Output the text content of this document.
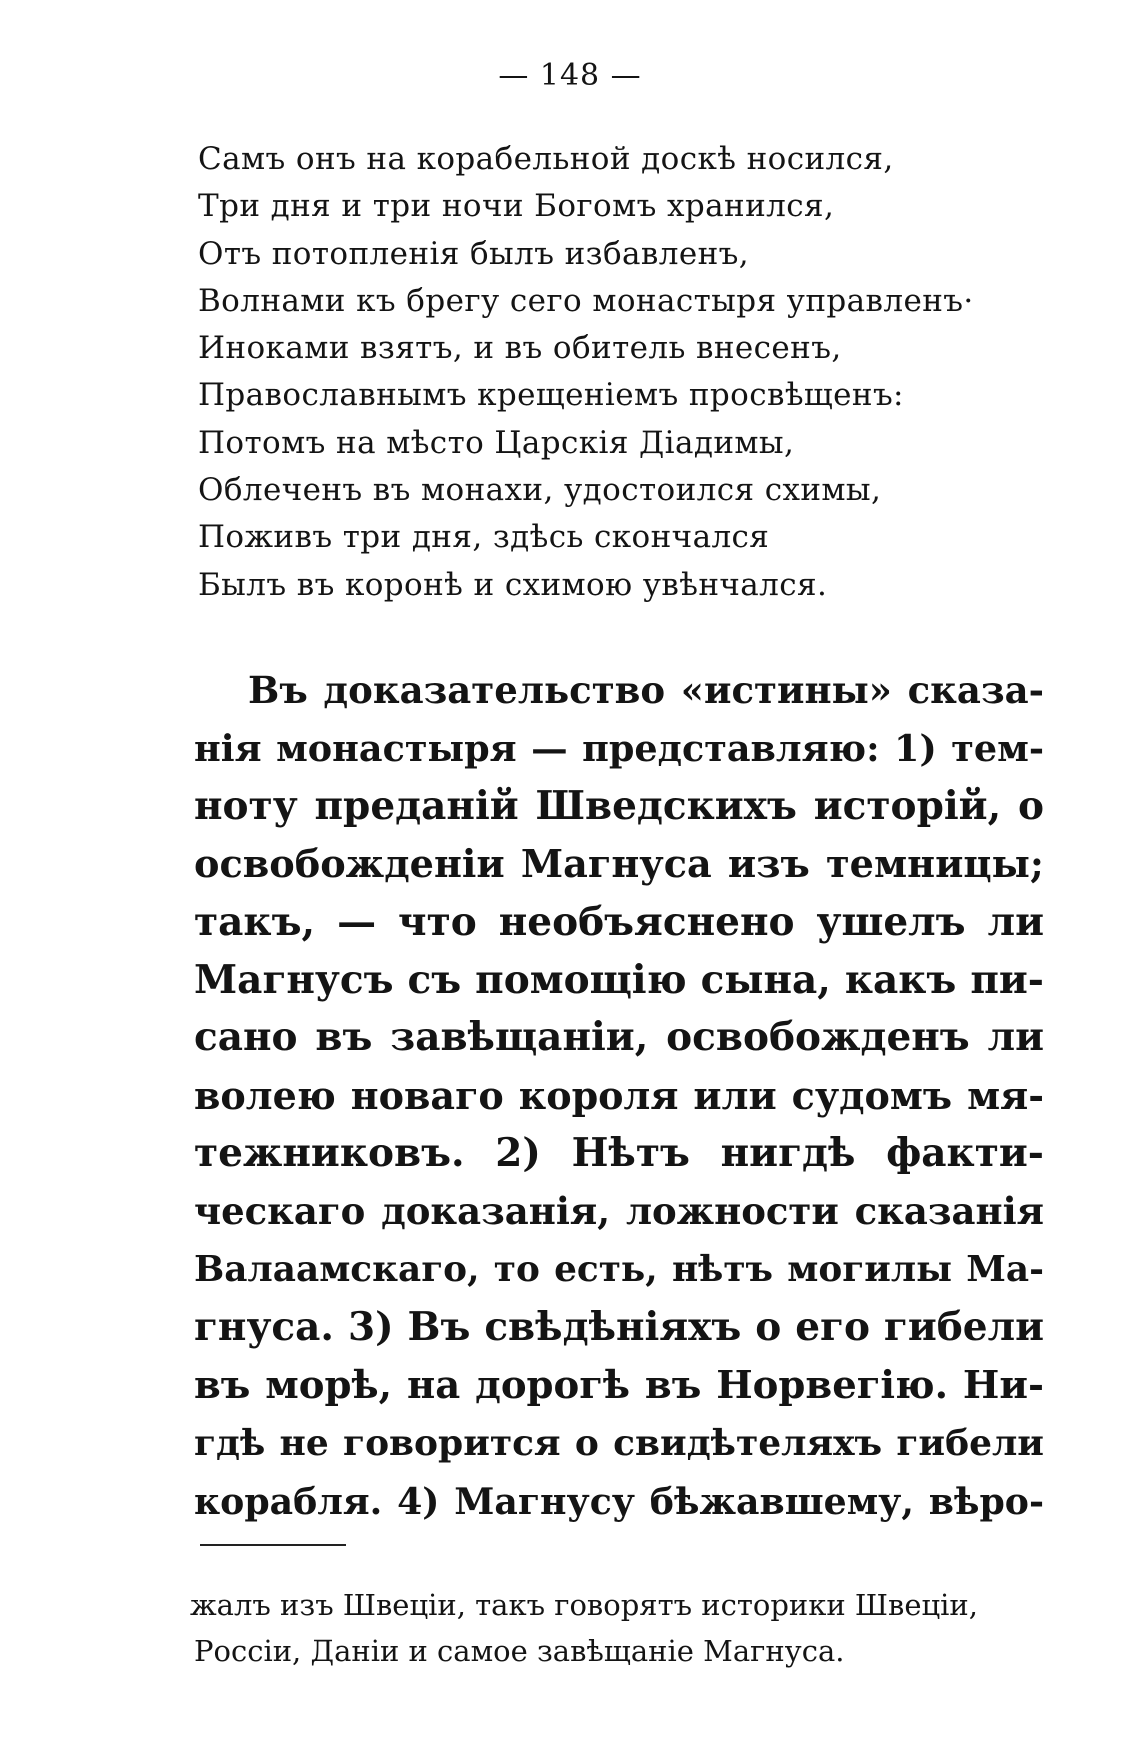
— 148 —

Самъ онъ на корабельной доскѣ носился,
Три дня и три ночи Богомъ хранился,
Отъ потопленія былъ избавленъ,
Волнами къ брегу сего монастыря управленъ·
Иноками взятъ, и въ обитель внесенъ,
Православнымъ крещеніемъ просвѣщенъ:
Потомъ на мѣсто Царскія Діадимы,
Облеченъ въ монахи, удостоился схимы,
Поживъ три дня, здѣсь скончался
Былъ въ коронѣ и схимою увѣнчался.
Въ доказательство «истины» сказа-
нія монастыря — представляю: 1) тем-
ноту преданій Шведскихъ исторій, о
освобожденіи Магнуса изъ темницы;
такъ, — что необъяснено ушелъ ли
Магнусъ съ помощію сына, какъ пи-
сано въ завѣщаніи, освобожденъ ли
волею новаго короля или судомъ мя-
тежниковъ. 2) Нѣтъ нигдѣ факти-
ческаго доказанія, ложности сказанія
Валаамскаго, то есть, нѣтъ могилы Ма-
гнуса. 3) Въ свѣдѣніяхъ о его гибели
въ морѣ, на дорогѣ въ Норвегію. Ни-
гдѣ не говорится о свидѣтеляхъ гибели
корабля. 4) Магнусу бѣжавшему, вѣро-
жалъ изъ Швеціи, такъ говорятъ историки Швеціи,
Россіи, Даніи и самое завѣщаніе Магнуса.
